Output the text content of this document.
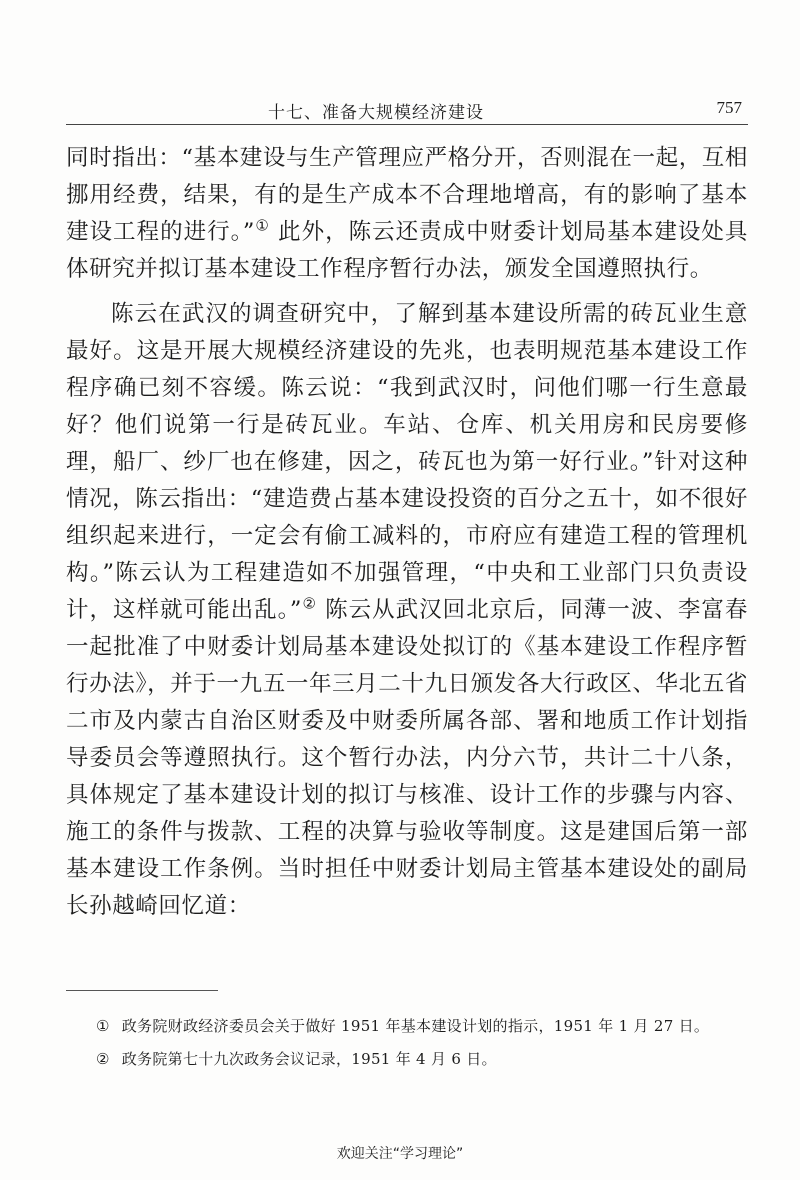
十七、准备大规模经济建设	757

同时指出：“基本建设与生产管理应严格分开，否则混在一起，互相挪用经费，结果，有的是生产成本不合理地增高，有的影响了基本建设工程的进行。”① 此外，陈云还责成中财委计划局基本建设处具体研究并拟订基本建设工作程序暂行办法，颁发全国遵照执行。

陈云在武汉的调查研究中，了解到基本建设所需的砖瓦业生意最好。这是开展大规模经济建设的先兆，也表明规范基本建设工作程序确已刻不容缓。陈云说：“我到武汉时，问他们哪一行生意最好？他们说第一行是砖瓦业。车站、仓库、机关用房和民房要修理，船厂、纱厂也在修建，因之，砖瓦也为第一好行业。”针对这种情况，陈云指出：“建造费占基本建设投资的百分之五十，如不很好组织起来进行，一定会有偷工减料的，市府应有建造工程的管理机构。”陈云认为工程建造如不加强管理，“中央和工业部门只负责设计，这样就可能出乱。”② 陈云从武汉回北京后，同薄一波、李富春一起批准了中财委计划局基本建设处拟订的《基本建设工作程序暂行办法》，并于一九五一年三月二十九日颁发各大行政区、华北五省二市及内蒙古自治区财委及中财委所属各部、署和地质工作计划指导委员会等遵照执行。这个暂行办法，内分六节，共计二十八条，具体规定了基本建设计划的拟订与核准、设计工作的步骤与内容、施工的条件与拨款、工程的决算与验收等制度。这是建国后第一部基本建设工作条例。当时担任中财委计划局主管基本建设处的副局长孙越崎回忆道：

① 政务院财政经济委员会关于做好 1951 年基本建设计划的指示，1951 年 1 月 27 日。
② 政务院第七十九次政务会议记录，1951 年 4 月 6 日。
欢迎关注“学习理论”
